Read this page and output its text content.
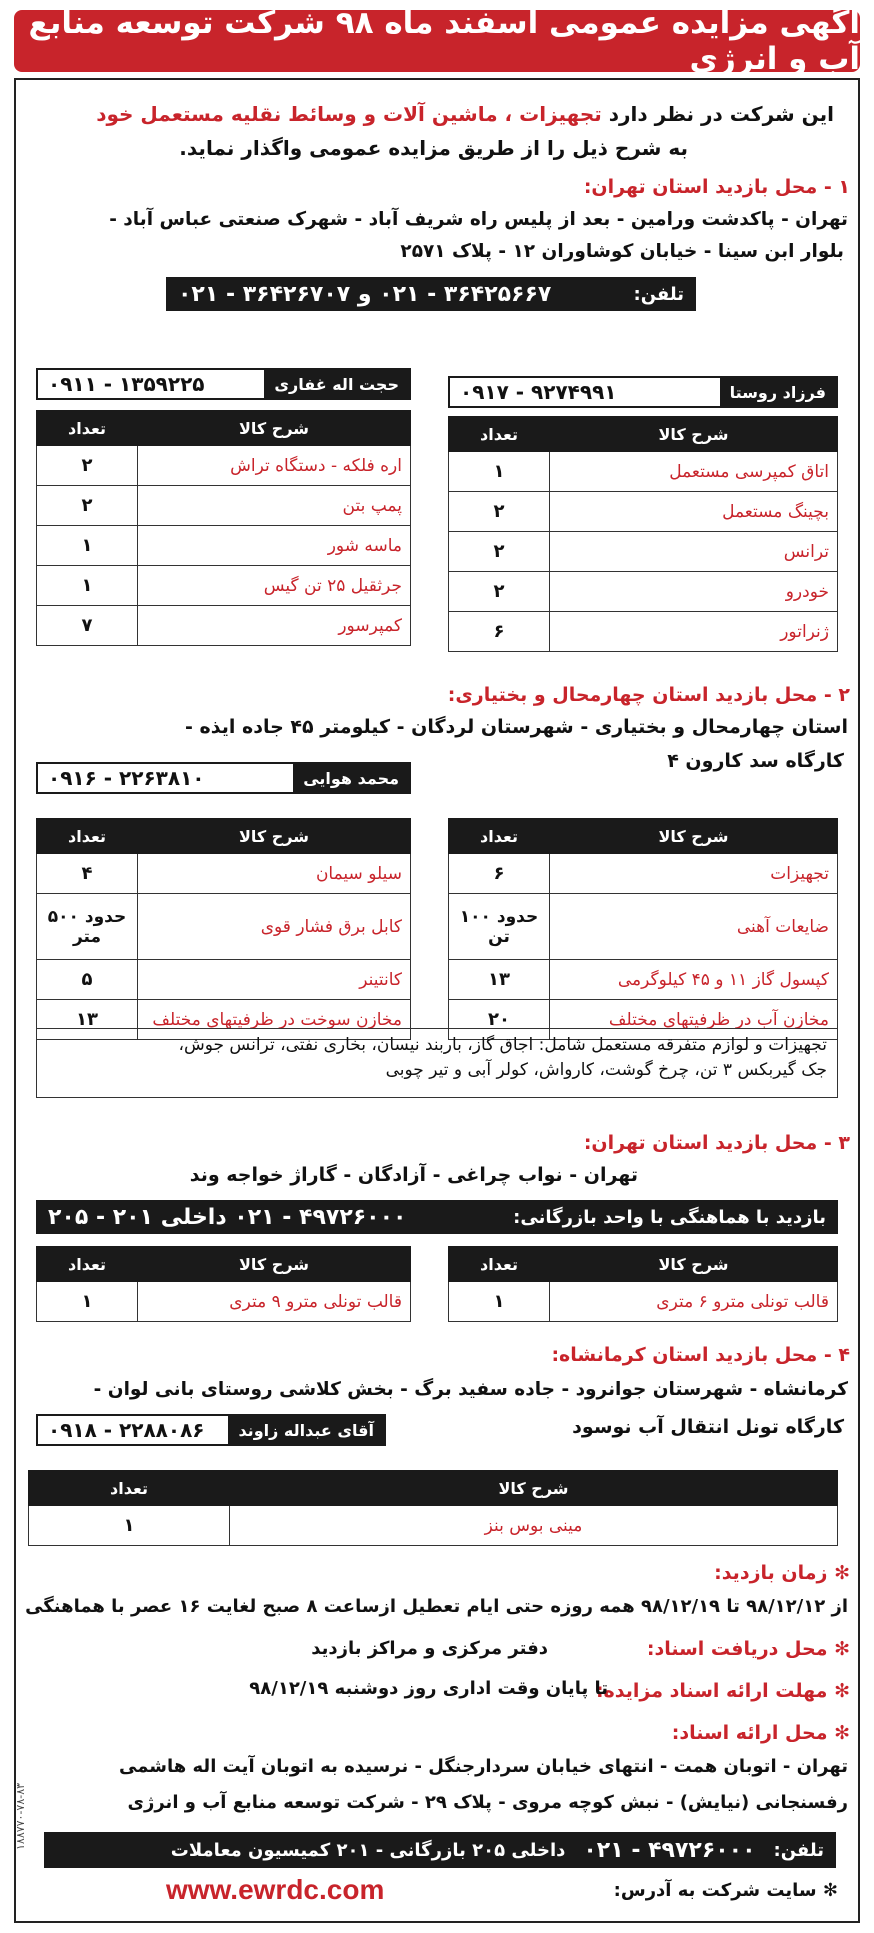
آگهی مزایده عمومی اسفند ماه ۹۸ شرکت توسعه منابع آب و انرژی
این شرکت در نظر دارد تجهیزات ، ماشین آلات و وسائط نقلیه مستعمل خود
به شرح ذیل را از طریق مزایده عمومی واگذار نماید.
۱ - محل بازدید استان تهران:
تهران - پاکدشت ورامین - بعد از پلیس راه شریف آباد - شهرک صنعتی عباس آباد -
بلوار ابن سینا - خیابان کوشاوران ۱۲ - پلاک ۲۵۷۱
تلفن:
۳۶۴۲۵۶۶۷ - ۰۲۱ و ۳۶۴۲۶۷۰۷ - ۰۲۱
فرزاد روستا
۰۹۱۷ - ۹۲۷۴۹۹۱
حجت اله غفاری
۰۹۱۱ - ۱۳۵۹۲۲۵
شرح کالا	تعداد
اتاق کمپرسی مستعمل	۱
بچینگ مستعمل	۲
ترانس	۲
خودرو	۲
ژنراتور	۶
شرح کالا	تعداد
اره فلکه - دستگاه تراش	۲
پمپ بتن	۲
ماسه شور	۱
جرثقیل ۲۵ تن گیس	۱
کمپرسور	۷
۲ - محل بازدید استان چهارمحال و بختیاری:
استان چهارمحال و بختیاری - شهرستان لردگان - کیلومتر ۴۵ جاده ایذه -
کارگاه سد کارون ۴
محمد هوایی
۰۹۱۶ - ۲۲۶۳۸۱۰
شرح کالا	تعداد
تجهیزات	۶
ضایعات آهنی	حدود ۱۰۰ تن
کپسول گاز ۱۱ و ۴۵ کیلوگرمی	۱۳
مخازن آب در ظرفیتهای مختلف	۲۰
شرح کالا	تعداد
سیلو سیمان	۴
کابل برق فشار قوی	حدود ۵۰۰ متر
کانتینر	۵
مخازن سوخت در ظرفیتهای مختلف	۱۳
تجهیزات و لوازم متفرقه مستعمل شامل: اجاق گاز، باربند نیسان، بخاری نفتی، ترانس جوش،
جک گیربکس ۳ تن، چرخ گوشت، کارواش، کولر آبی و تیر چوبی
۳ - محل بازدید استان تهران:
تهران - نواب چراغی - آزادگان - گاراژ خواجه وند
بازدید با هماهنگی با واحد بازرگانی:
۴۹۷۲۶۰۰۰ - ۰۲۱ داخلی ۲۰۱ - ۲۰۵
شرح کالا	تعداد
قالب تونلی مترو ۶ متری	۱
شرح کالا	تعداد
قالب تونلی مترو ۹ متری	۱
۴ - محل بازدید استان کرمانشاه:
کرمانشاه - شهرستان جوانرود - جاده سفید برگ - بخش کلاشی روستای بانی لوان -
کارگاه تونل انتقال آب نوسود
آقای عبداله زاوند
۰۹۱۸ - ۲۲۸۸۰۸۶
شرح کالا	تعداد
مینی بوس بنز	۱
✻ زمان بازدید:
از ۹۸/۱۲/۱۲ تا ۹۸/۱۲/۱۹ همه روزه حتی ایام تعطیل ازساعت ۸ صبح لغایت ۱۶ عصر با هماهنگی
دفتر مرکزی و مراکز بازدید	✻ محل دریافت اسناد:
✻ مهلت ارائه اسناد مزایده:
تا پایان وقت اداری روز دوشنبه ۹۸/۱۲/۱۹
✻ محل ارائه اسناد:
تهران - اتوبان همت - انتهای خیابان سردارجنگل - نرسیده به اتوبان آیت اله هاشمی
رفسنجانی (نیایش) - نبش کوچه مروی - پلاک ۲۹ - شرکت توسعه منابع آب و انرژی
تلفن:
۴۹۷۲۶۰۰۰ - ۰۲۱
داخلی ۲۰۵ بازرگانی - ۲۰۱ کمیسیون معاملات
✻ سایت شرکت به آدرس:
www.ewrdc.com
۱۸۸۷۷۰-۷۸-۸۳
